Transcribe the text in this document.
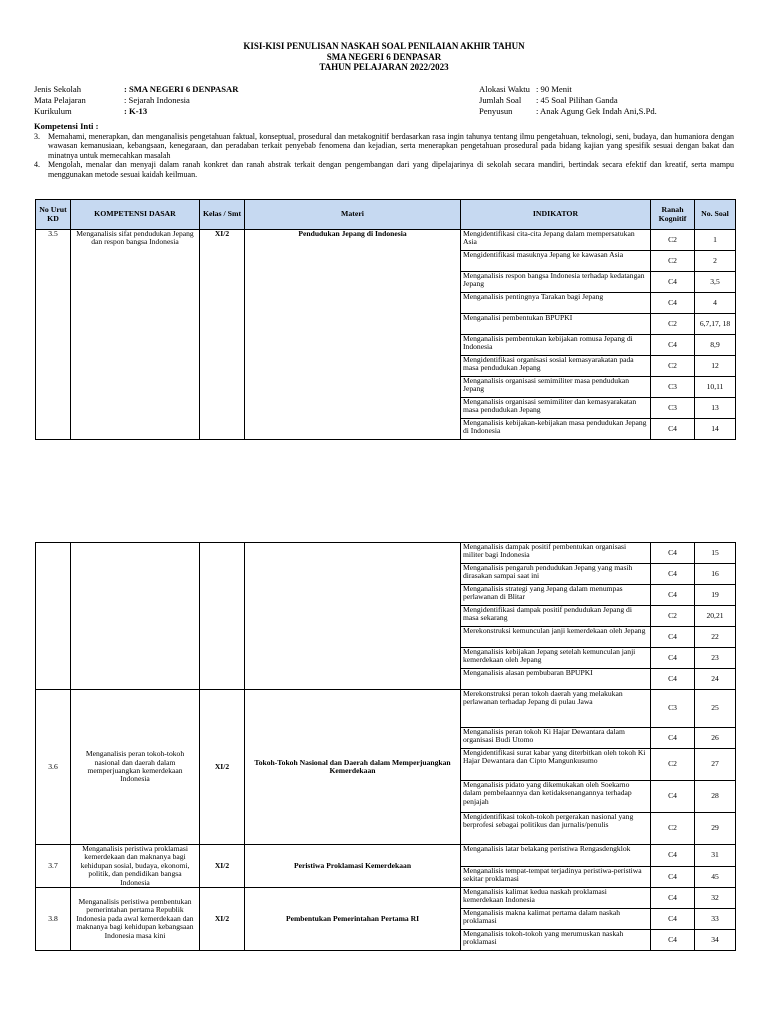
KISI-KISI PENULISAN NASKAH SOAL PENILAIAN AKHIR TAHUN
SMA NEGERI 6 DENPASAR
TAHUN PELAJARAN 2022/2023
Jenis Sekolah	: SMA NEGERI 6 DENPASAR
Mata Pelajaran	: Sejarah Indonesia
Kurikulum	: K-13
Alokasi Waktu	: 90 Menit
Jumlah Soal	: 45 Soal Pilihan Ganda
Penyusun	: Anak Agung Gek Indah Ani,S.Pd.
Kompetensi Inti :
3.	Memahami, menerapkan, dan menganalisis pengetahuan faktual, konseptual, prosedural dan metakognitif berdasarkan rasa ingin tahunya tentang ilmu pengetahuan, teknologi, seni, budaya, dan humaniora dengan wawasan kemanusiaan, kebangsaan, kenegaraan, dan peradaban terkait penyebab fenomena dan kejadian, serta menerapkan pengetahuan prosedural pada bidang kajian yang spesifik sesuai dengan bakat dan minatnya untuk memecahkan masalah
4.	Mengolah, menalar dan menyaji dalam ranah konkret dan ranah abstrak terkait dengan pengembangan dari yang dipelajarinya di sekolah secara mandiri, bertindak secara efektif dan kreatif, serta mampu menggunakan metode sesuai kaidah keilmuan.
No Urut KD	KOMPETENSI DASAR	Kelas / Smt	Materi	INDIKATOR	Ranah Kognitif	No. Soal
3.5	Menganalisis sifat pendudukan Jepang dan respon bangsa Indonesia	XI/2	Pendudukan Jepang di Indonesia	Mengidentifikasi cita-cita Jepang dalam mempersatukan Asia	C2	1
				Mengidentifikasi masuknya Jepang ke kawasan Asia	C2	2
				Menganalisis respon bangsa Indonesia terhadap kedatangan Jepang	C4	3,5
				Menganalisis pentingnya Tarakan bagi Jepang	C4	4
				Menganalisi pembentukan BPUPKI	C2	6,7,17, 18
				Menganalisis pembentukan kebijakan romusa Jepang di Indonesia	C4	8,9
				Mengidentifikasi organisasi sosial kemasyarakatan pada masa pendudukan Jepang	C2	12
				Menganalisis organisasi semimiliter masa pendudukan Jepang	C3	10,11
				Menganalisis organisasi semimiliter dan kemasyarakatan masa pendudukan Jepang	C3	13
				Menganalisis kebijakan-kebijakan masa pendudukan Jepang di Indonesia	C4	14
				Menganalisis dampak positif pembentukan organisasi militer bagi Indonesia	C4	15
				Menganalisis pengaruh pendudukan Jepang yang masih dirasakan sampai saat ini	C4	16
				Menganalisis strategi yang Jepang dalam menumpas perlawanan di Blitar	C4	19
				Mengidentifikasi dampak positif pendudukan Jepang di masa sekarang	C2	20,21
				Merekonstruksi kemunculan janji kemerdekaan oleh Jepang	C4	22
				Menganalisis kebijakan Jepang setelah kemunculan janji kemerdekaan oleh Jepang	C4	23
				Menganalisis alasan pembubaran BPUPKI	C4	24
3.6	Menganalisis peran tokoh-tokoh nasional dan daerah dalam memperjuangkan kemerdekaan Indonesia	XI/2	Tokoh-Tokoh Nasional dan Daerah dalam Memperjuangkan Kemerdekaan	Merekonstruksi peran tokoh daerah yang melakukan perlawanan terhadap Jepang di pulau Jawa	C3	25
				Menganalisis peran tokoh Ki Hajar Dewantara dalam organisasi Budi Utomo	C4	26
				Mengidentifikasi surat kabar yang diterbitkan oleh tokoh Ki Hajar Dewantara dan Cipto Mangunkusumo	C2	27
				Menganalisis pidato yang dikemukakan oleh Soekarno dalam pembelaannya dan ketidaksenangannya terhadap penjajah	C4	28
				Mengidentifikasi tokoh-tokoh pergerakan nasional yang berprofesi sebagai politikus dan jurnalis/penulis	C2	29
3.7	Menganalisis peristiwa proklamasi kemerdekaan dan maknanya bagi kehidupan sosial, budaya, ekonomi, politik, dan pendidikan bangsa Indonesia	XI/2	Peristiwa Proklamasi Kemerdekaan	Menganalisis latar belakang peristiwa Rengasdengklok	C4	31
				Menganalisis tempat-tempat terjadinya peristiwa-peristiwa sekitar proklamasi	C4	45
3.8	Menganalisis peristiwa pembentukan pemerintahan pertama Republik Indonesia pada awal kemerdekaan dan maknanya bagi kehidupan kebangsaan Indonesia masa kini	XI/2	Pembentukan Pemerintahan Pertama RI	Menganalisis kalimat kedua naskah proklamasi kemerdekaan Indonesia	C4	32
				Menganalisis makna kalimat pertama dalam naskah proklamasi	C4	33
				Menganalisis tokoh-tokoh yang merumuskan naskah proklamasi	C4	34
